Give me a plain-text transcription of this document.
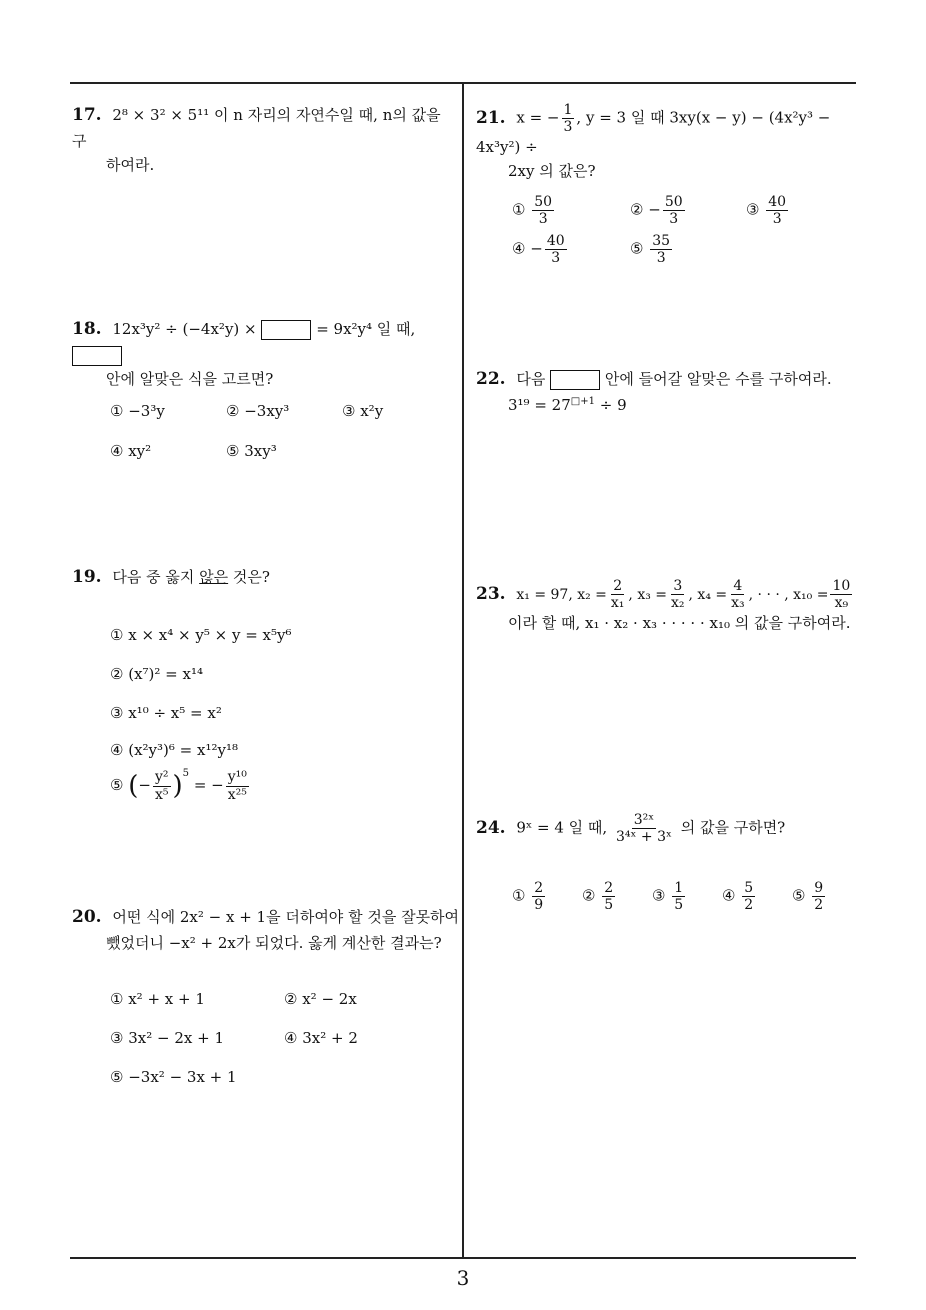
17. 2⁸ × 3² × 5¹¹ 이 n 자리의 자연수일 때, n의 값을 구
하여라.
18. 12x³y² ÷ (−4x²y) ×	= 9x²y⁴ 일 때,
안에 알맞은 식을 고르면?
① −3³y	② −3xy³	③ x²y
④ xy²	⑤ 3xy³
19. 다음 중 옳지 않은 것은?
① x × x⁴ × y⁵ × y = x⁵y⁶
② (x⁷)² = x¹⁴
③ x¹⁰ ÷ x⁵ = x²
④ (x²y³)⁶ = x¹²y¹⁸
⑤ (− $\frac{\text{y²}}{\text{x⁵}} )^5$ = − $\frac{\text{y¹⁰}}{\text{x²⁵}}$
20. 어떤 식에 2x² − x + 1을 더하여야 할 것을 잘못하여
뺐었더니 −x² + 2x가 되었다. 옳게 계산한 결과는?
① x² + x + 1	② x² − 2x
③ 3x² − 2x + 1	④ 3x² + 2
⑤ −3x² − 3x + 1
21. x = − $\frac{1}{3}$ , y = 3 일 때 3xy(x − y) − (4x²y³ − 4x³y²) ÷
2xy 의 값은?
① $\frac{50}{3}$	② − $\frac{50}{3}$	③ $\frac{40}{3}$
④ − $\frac{40}{3}$	⑤ $\frac{35}{3}$
22. 다음	안에 들어갈 알맞은 수를 구하여라.
$3^{19} = 27^{□+1} \div 9$
23. x₁ = 97, $x_2 = \frac{2}{\text{x₁}}$ , $x_3 = \frac{3}{\text{x₂}}$ , $x_4 = \frac{4}{\text{x₃}}$ , · · · , $x_{10} = \frac{10}{\text{x₉}}$

이라 할 때, x₁ · x₂ · x₃ · · · · · x₁₀ 의 값을 구하여라.
24. 9ˣ = 4 일 때, $\frac{\text{3²ˣ}}{\text{3⁴ˣ + 3ˣ}}$ 의 값을 구하면?
① $\frac{2}{9}$ ② $\frac{2}{5}$ ③ $\frac{1}{5}$ ④ $\frac{5}{2}$ ⑤ $\frac{9}{2}$
3
